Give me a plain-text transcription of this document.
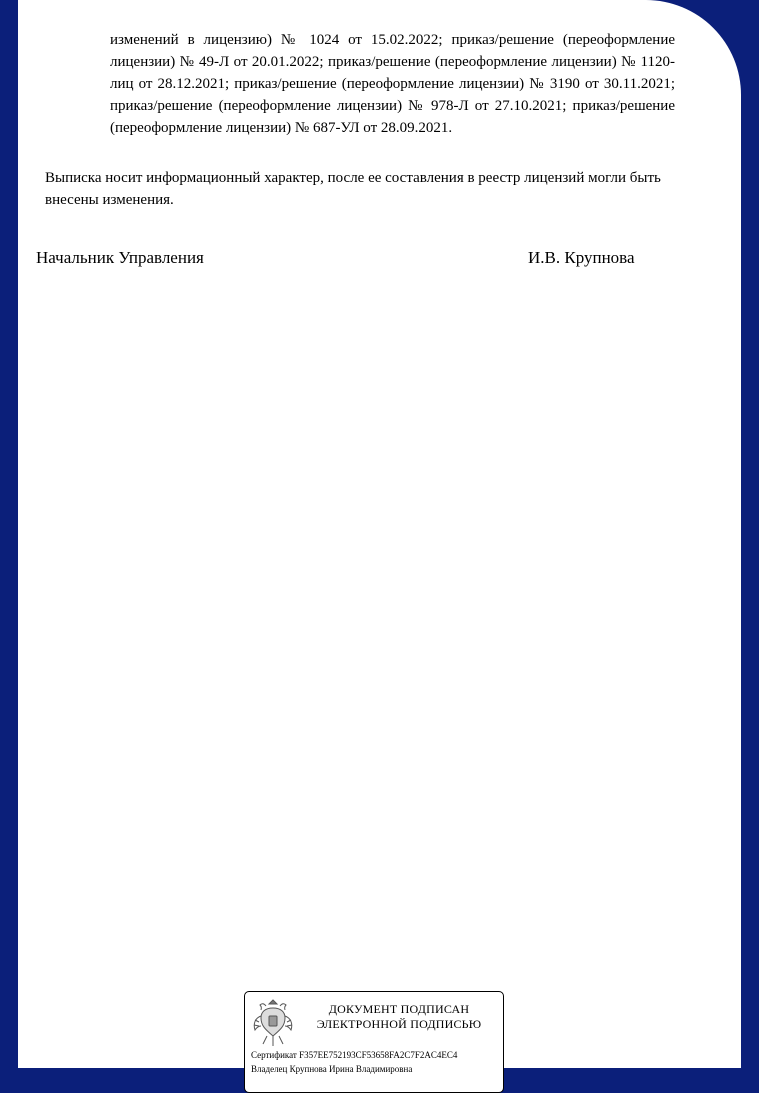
изменений в лицензию) № 1024 от 15.02.2022; приказ/решение (переоформление лицензии) № 49-Л от 20.01.2022; приказ/решение (переоформление лицензии) № 1120-лиц от 28.12.2021; приказ/решение (переоформление лицензии) № 3190 от 30.11.2021; приказ/решение (переоформление лицензии) № 978-Л от 27.10.2021; приказ/решение (переоформление лицензии) № 687-УЛ от 28.09.2021.

Выписка носит информационный характер, после ее составления в реестр лицензий могли быть внесены изменения.

Начальник Управления	И.В. Крупнова

ДОКУМЕНТ ПОДПИСАН
ЭЛЕКТРОННОЙ ПОДПИСЬЮ
Сертификат F357EE752193CF53658FA2C7F2AC4EC4
Владелец Крупнова Ирина Владимировна
